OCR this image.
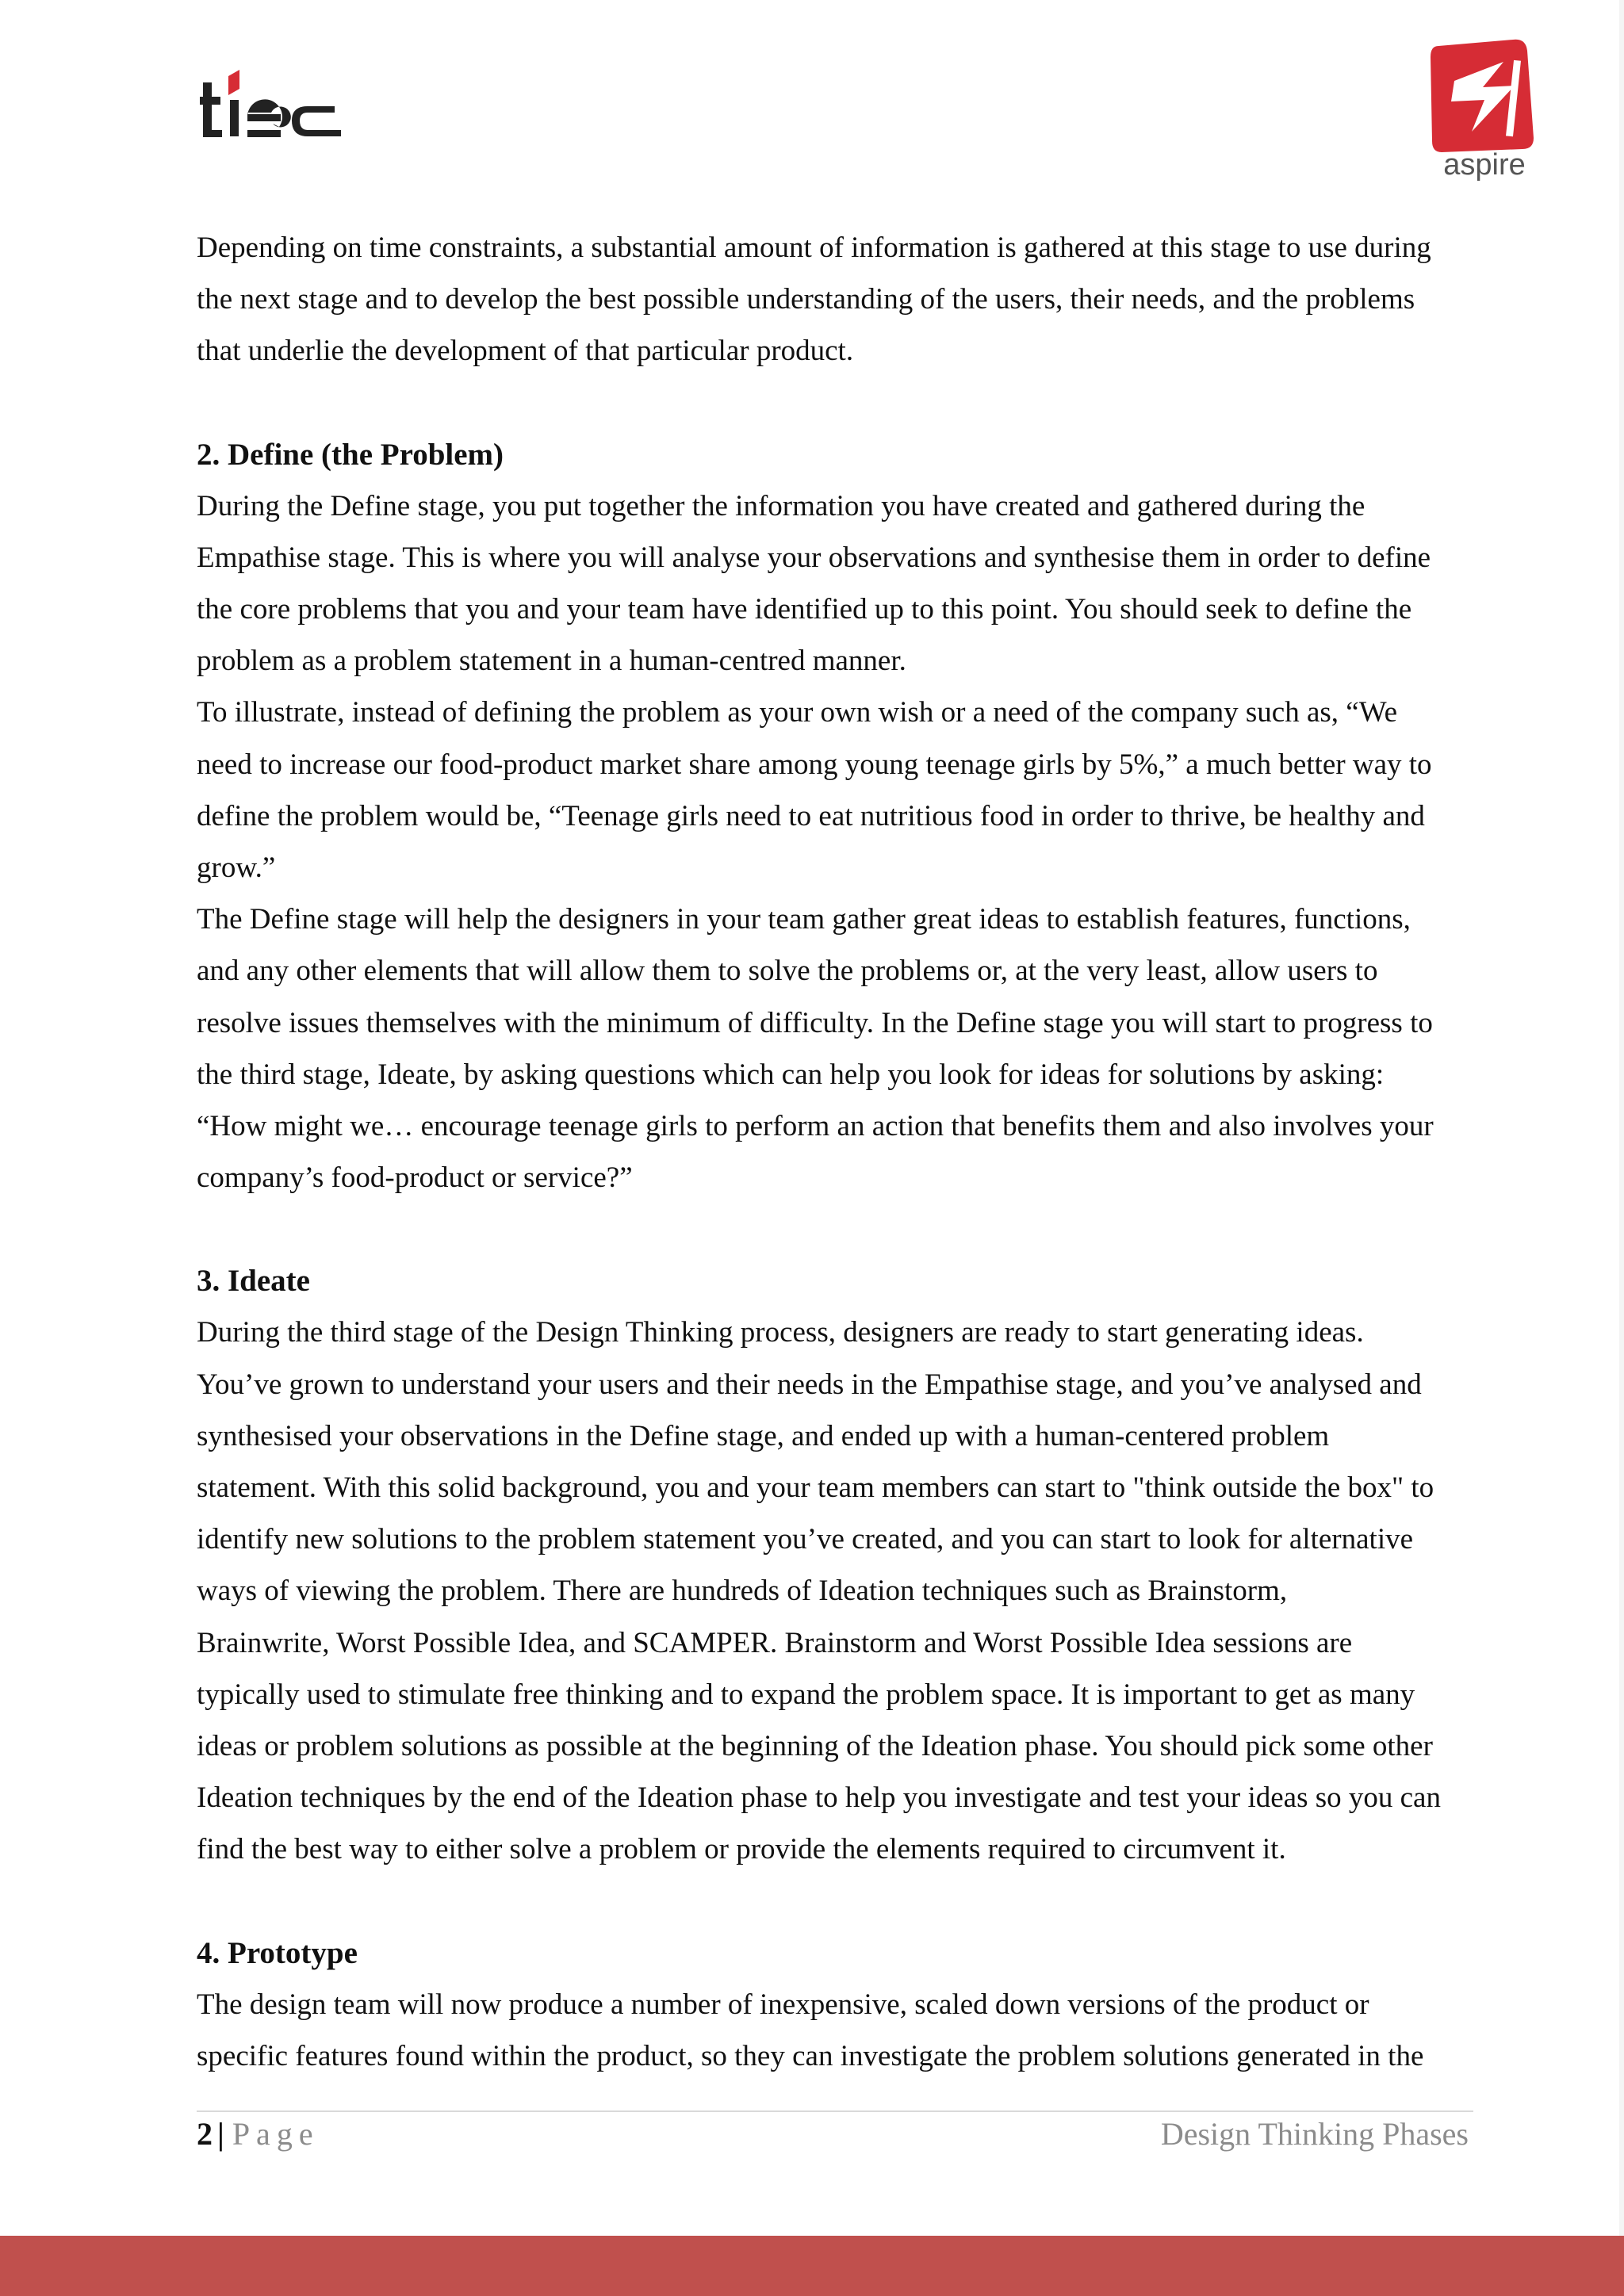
aspire

Depending on time constraints, a substantial amount of information is gathered at this stage to use during
the next stage and to develop the best possible understanding of the users, their needs, and the problems
that underlie the development of that particular product.

2. Define (the Problem)

During the Define stage, you put together the information you have created and gathered during the
Empathise stage. This is where you will analyse your observations and synthesise them in order to define
the core problems that you and your team have identified up to this point. You should seek to define the
problem as a problem statement in a human-centred manner.

To illustrate, instead of defining the problem as your own wish or a need of the company such as, “We
need to increase our food-product market share among young teenage girls by 5%,” a much better way to
define the problem would be, “Teenage girls need to eat nutritious food in order to thrive, be healthy and
grow.”

The Define stage will help the designers in your team gather great ideas to establish features, functions,
and any other elements that will allow them to solve the problems or, at the very least, allow users to
resolve issues themselves with the minimum of difficulty. In the Define stage you will start to progress to
the third stage, Ideate, by asking questions which can help you look for ideas for solutions by asking:
“How might we… encourage teenage girls to perform an action that benefits them and also involves your
company’s food-product or service?”

3. Ideate

During the third stage of the Design Thinking process, designers are ready to start generating ideas.
You’ve grown to understand your users and their needs in the Empathise stage, and you’ve analysed and
synthesised your observations in the Define stage, and ended up with a human-centered problem
statement. With this solid background, you and your team members can start to "think outside the box" to
identify new solutions to the problem statement you’ve created, and you can start to look for alternative
ways of viewing the problem. There are hundreds of Ideation techniques such as Brainstorm,
Brainwrite, Worst Possible Idea, and SCAMPER. Brainstorm and Worst Possible Idea sessions are
typically used to stimulate free thinking and to expand the problem space. It is important to get as many
ideas or problem solutions as possible at the beginning of the Ideation phase. You should pick some other
Ideation techniques by the end of the Ideation phase to help you investigate and test your ideas so you can
find the best way to either solve a problem or provide the elements required to circumvent it.

4. Prototype

The design team will now produce a number of inexpensive, scaled down versions of the product or
specific features found within the product, so they can investigate the problem solutions generated in the

2 | Page	Design Thinking Phases
